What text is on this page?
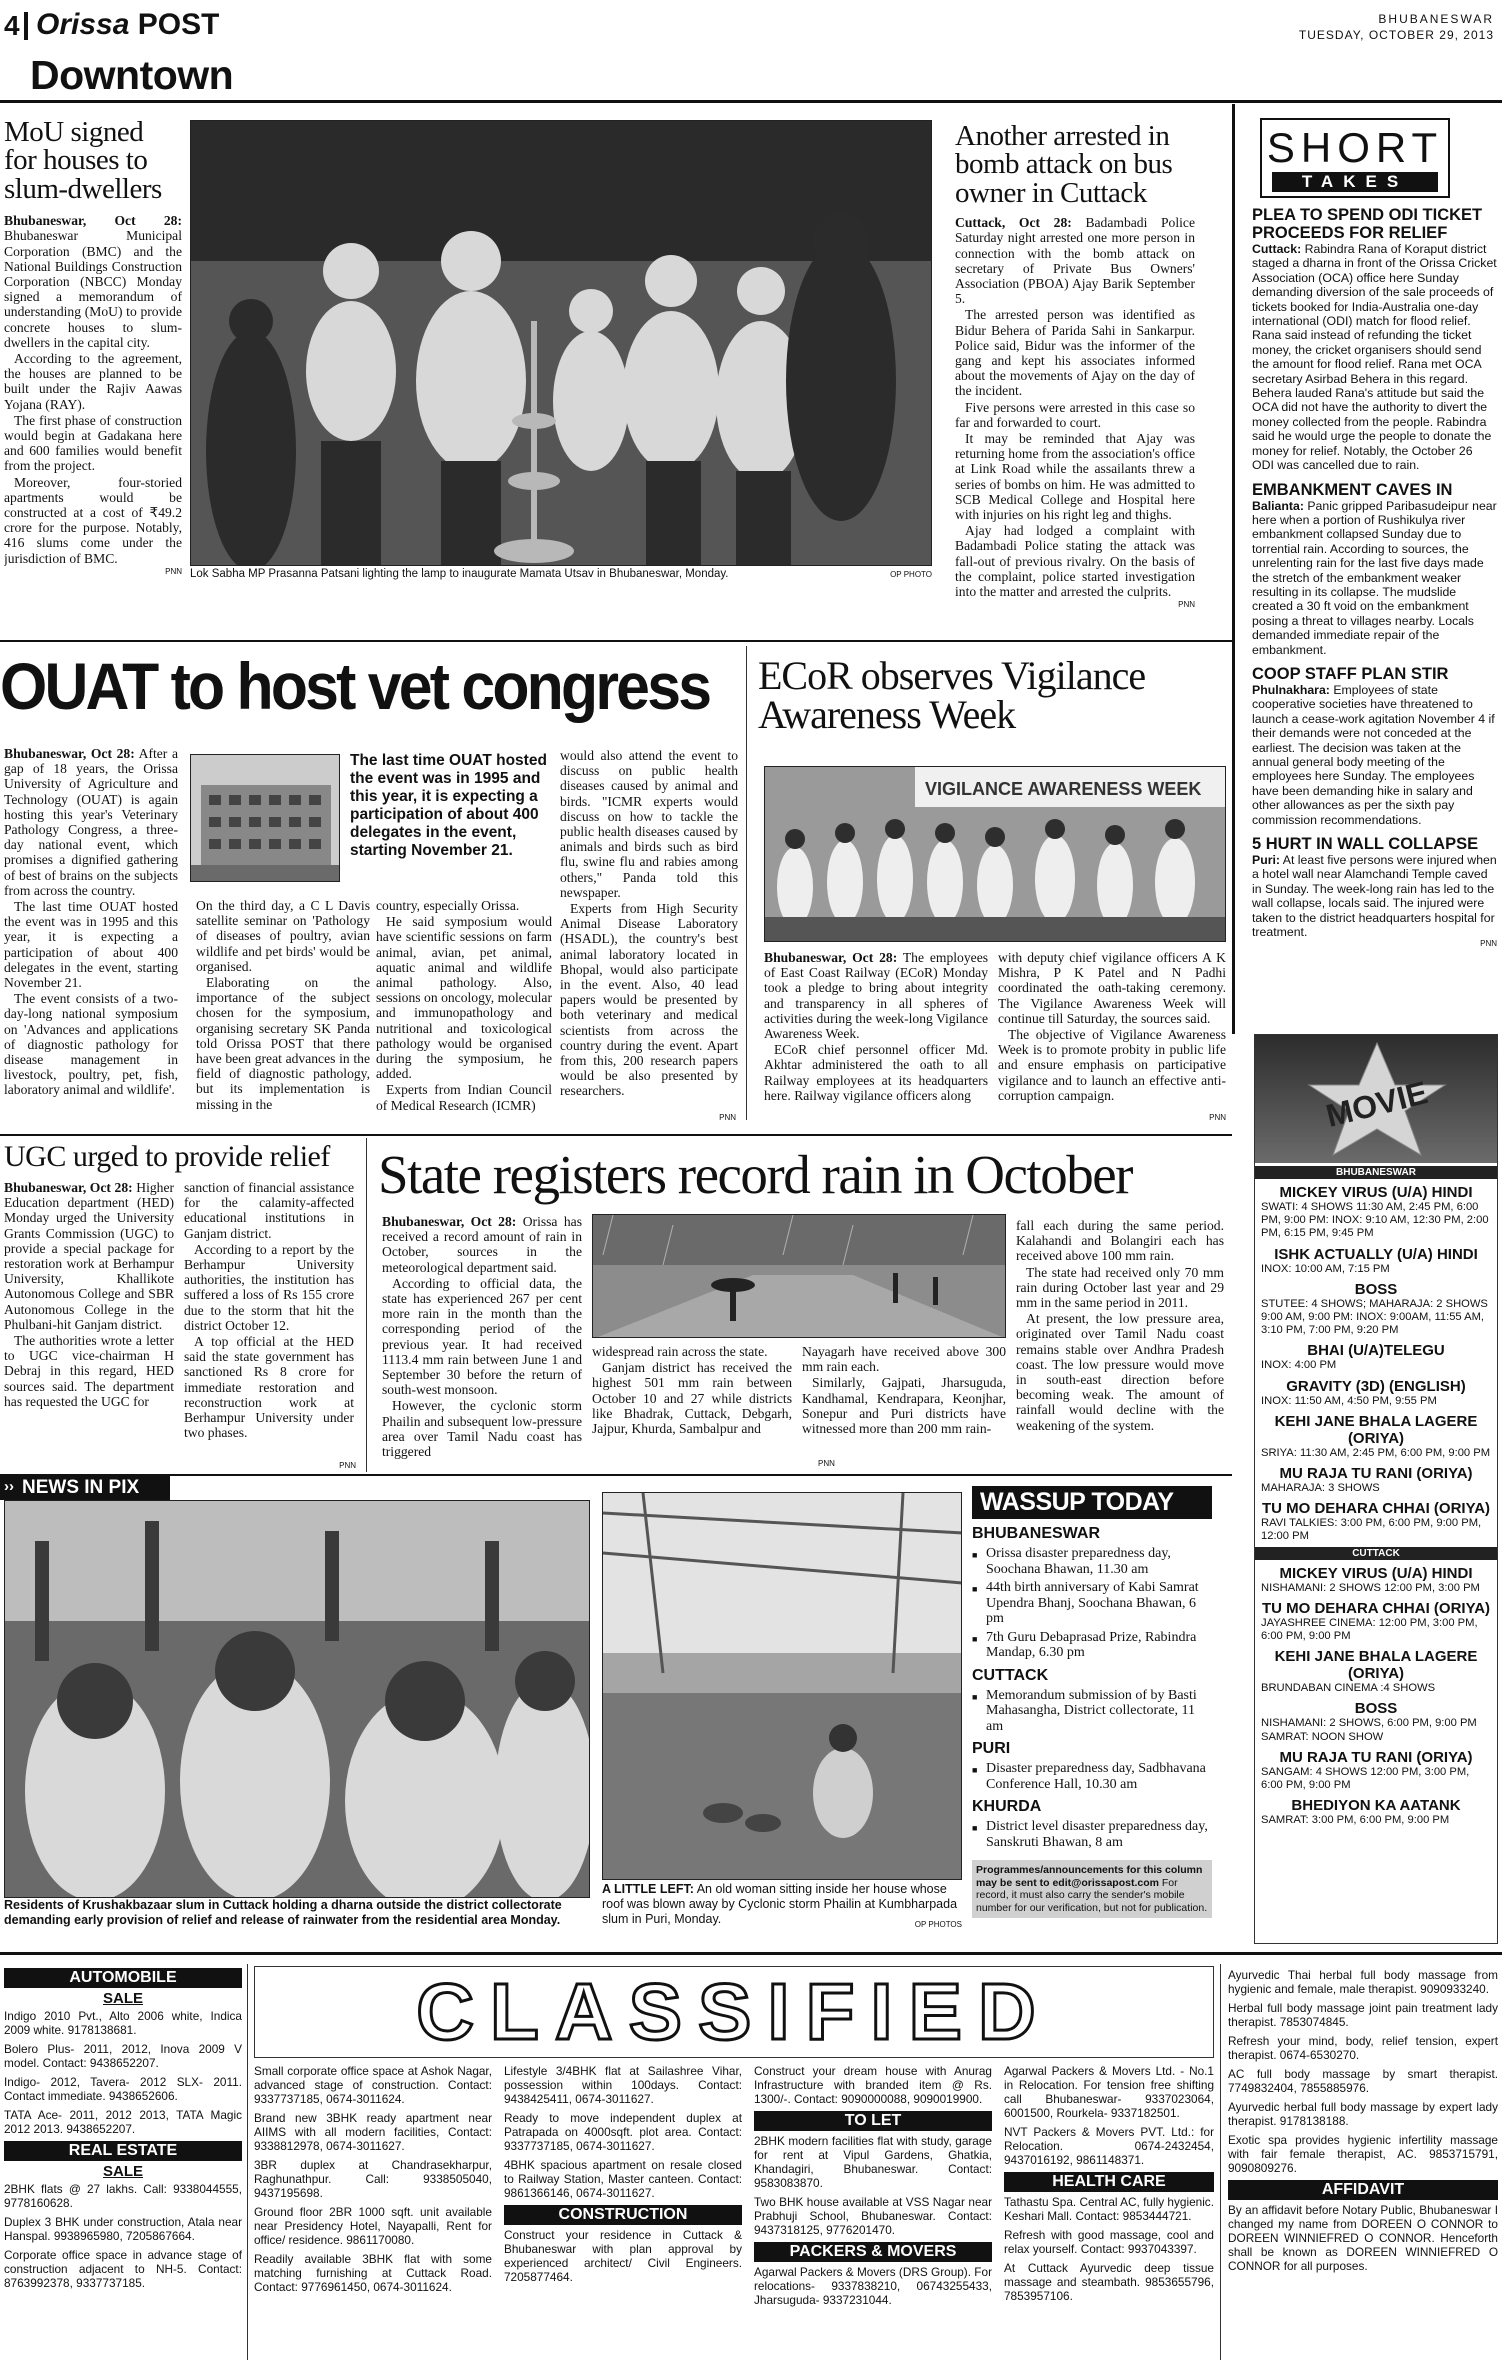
4 Orissa POST
Downtown
BHUBANESWAR
TUESDAY, OCTOBER 29, 2013
MoU signed for houses to slum-dwellers

Bhubaneswar, Oct 28: Bhubaneswar Municipal Corporation (BMC) and the National Buildings Construction Corporation (NBCC) Monday signed a memorandum of understanding (MoU) to provide concrete houses to slum-dwellers in the capital city.

According to the agreement, the houses are planned to be built under the Rajiv Aawas Yojana (RAY).

The first phase of construction would begin at Gadakana here and 600 families would benefit from the project.

Moreover, four-storied apartments would be constructed at a cost of ₹49.2 crore for the purpose. Notably, 416 slums come under the jurisdiction of BMC.

PNN Lok Sabha MP Prasanna Patsani lighting the lamp to inaugurate Mamata Utsav in Bhubaneswar, Monday.	OP PHOTO
Another arrested in bomb attack on bus owner in Cuttack

Cuttack, Oct 28: Badambadi Police Saturday night arrested one more person in connection with the bomb attack on secretary of Private Bus Owners' Association (PBOA) Ajay Barik September 5.

The arrested person was identified as Bidur Behera of Parida Sahi in Sankarpur. Police said, Bidur was the informer of the gang and kept his associates informed about the movements of Ajay on the day of the incident.

Five persons were arrested in this case so far and forwarded to court.

It may be reminded that Ajay was returning home from the association's office at Link Road while the assailants threw a series of bombs on him. He was admitted to SCB Medical College and Hospital here with injuries on his right leg and thighs.

Ajay had lodged a complaint with Badambadi Police stating the attack was fall-out of previous rivalry. On the basis of the complaint, police started investigation into the matter and arrested the culprits.

PNN
SHORT
TAKES
PLEA TO SPEND ODI TICKET PROCEEDS FOR RELIEF
Cuttack: Rabindra Rana of Koraput district staged a dharna in front of the Orissa Cricket Association (OCA) office here Sunday demanding diversion of the sale proceeds of tickets booked for India-Australia one-day international (ODI) match for flood relief. Rana said instead of refunding the ticket money, the cricket organisers should send the amount for flood relief. Rana met OCA secretary Asirbad Behera in this regard. Behera lauded Rana's attitude but said the OCA did not have the authority to divert the money collected from the people. Rabindra said he would urge the people to donate the money for relief. Notably, the October 26 ODI was cancelled due to rain.
EMBANKMENT CAVES IN
Balianta: Panic gripped Paribasudeipur near here when a portion of Rushikulya river embankment collapsed Sunday due to torrential rain. According to sources, the unrelenting rain for the last five days made the stretch of the embankment weaker resulting in its collapse. The mudslide created a 30 ft void on the embankment posing a threat to villages nearby. Locals demanded immediate repair of the embankment.
COOP STAFF PLAN STIR
Phulnakhara: Employees of state cooperative societies have threatened to launch a cease-work agitation November 4 if their demands were not conceded at the earliest. The decision was taken at the annual general body meeting of the employees here Sunday. The employees have been demanding hike in salary and other allowances as per the sixth pay commission recommendations.
5 HURT IN WALL COLLAPSE
Puri: At least five persons were injured when a hotel wall near Alamchandi Temple caved in Sunday. The week-long rain has led to the wall collapse, locals said. The injured were taken to the district headquarters hospital for treatment.
PNN
OUAT to host vet congress

Bhubaneswar, Oct 28: After a gap of 18 years, the Orissa University of Agriculture and Technology (OUAT) is again hosting this year's Veterinary Pathology Congress, a three-day national event, which promises a dignified gathering of best of brains on the subjects from across the country.

The last time OUAT hosted the event was in 1995 and this year, it is expecting a participation of about 400 delegates in the event, starting November 21.

The event consists of a two-day-long national symposium on 'Advances and applications of diagnostic pathology for disease management in livestock, poultry, pet, fish, laboratory animal and wildlife'.

The last time OUAT hosted the event was in 1995 and this year, it is expecting a participation of about 400 delegates in the event, starting November 21.

On the third day, a C L Davis satellite seminar on 'Pathology of diseases of poultry, avian wildlife and pet birds' would be organised.

Elaborating on the importance of the subject chosen for the symposium, organising secretary SK Panda told Orissa POST that there have been great advances in the field of diagnostic pathology, but its implementation is missing in the

country, especially Orissa.

He said symposium would have scientific sessions on farm animal, avian, pet animal, aquatic animal and wildlife animal pathology. Also, sessions on oncology, molecular and immunopathology and nutritional and toxicological pathology would be organised during the symposium, he added.

Experts from Indian Council of Medical Research (ICMR)

would also attend the event to discuss on public health diseases caused by animal and birds. "ICMR experts would discuss on how to tackle the public health diseases caused by animals and birds such as bird flu, swine flu and rabies among others," Panda told this newspaper.

Experts from High Security Animal Disease Laboratory (HSADL), the country's best animal laboratory located in Bhopal, would also participate in the event. Also, 40 lead papers would be presented by both veterinary and medical scientists from across the country during the event. Apart from this, 200 research papers would be also presented by researchers.

PNN
ECoR observes Vigilance Awareness Week
VIGILANCE AWARENESS WEEK

Bhubaneswar, Oct 28: The employees of East Coast Railway (ECoR) Monday took a pledge to bring about integrity and transparency in all spheres of activities during the week-long Vigilance Awareness Week.

ECoR chief personnel officer Md. Akhtar administered the oath to all Railway employees at its headquarters here. Railway vigilance officers along

with deputy chief vigilance officers A K Mishra, P K Patel and N Padhi coordinated the oath-taking ceremony. The Vigilance Awareness Week will continue till Saturday, the sources said.

The objective of Vigilance Awareness Week is to promote probity in public life and ensure emphasis on participative vigilance and to launch an effective anti-corruption campaign.

PNN
UGC urged to provide relief

Bhubaneswar, Oct 28: Higher Education department (HED) Monday urged the University Grants Commission (UGC) to provide a special package for restoration work at Berhampur University, Khallikote Autonomous College and SBR Autonomous College in the Phulbani-hit Ganjam district.

The authorities wrote a letter to UGC vice-chairman H Debraj in this regard, HED sources said. The department has requested the UGC for

sanction of financial assistance for the calamity-affected educational institutions in Ganjam district.

According to a report by the Berhampur University authorities, the institution has suffered a loss of Rs 155 crore due to the storm that hit the district October 12.

A top official at the HED said the state government has sanctioned Rs 8 crore for immediate restoration and reconstruction work at Berhampur University under two phases.

PNN
State registers record rain in October

Bhubaneswar, Oct 28: Orissa has received a record amount of rain in October, sources in the meteorological department said.

According to official data, the state has experienced 267 per cent more rain in the month than the corresponding period of the previous year. It had received 1113.4 mm rain between June 1 and September 30 before the return of south-west monsoon.

However, the cyclonic storm Phailin and subsequent low-pressure area over Tamil Nadu coast has triggered

widespread rain across the state.

Ganjam district has received the highest 501 mm rain between October 10 and 27 while districts like Bhadrak, Cuttack, Debgarh, Jajpur, Khurda, Sambalpur and

Nayagarh have received above 300 mm rain each.

Similarly, Gajpati, Jharsuguda, Kandhamal, Kendrapara, Keonjhar, Sonepur and Puri districts have witnessed more than 200 mm rain-

fall each during the same period. Kalahandi and Bolangiri each has received above 100 mm rain.

The state had received only 70 mm rain during October last year and 29 mm in the same period in 2011.

At present, the low pressure area, originated over Tamil Nadu coast remains stable over Andhra Pradesh coast. The low pressure would move in south-east direction before becoming weak. The amount of rainfall would decline with the weakening of the system.

PNN
MOVIE
BHUBANESWAR
MICKEY VIRUS (U/A) HINDI
SWATI: 4 SHOWS 11:30 AM, 2:45 PM, 6:00 PM, 9:00 PM: INOX: 9:10 AM, 12:30 PM, 2:00 PM, 6:15 PM, 9:45 PM
ISHK ACTUALLY (U/A) HINDI
INOX: 10:00 AM, 7:15 PM
BOSS
STUTEE: 4 SHOWS; MAHARAJA: 2 SHOWS 9:00 AM, 9:00 PM: INOX: 9:00AM, 11:55 AM, 3:10 PM, 7:00 PM, 9:20 PM
BHAI (U/A)TELEGU
INOX: 4:00 PM
GRAVITY (3D) (ENGLISH)
INOX: 11:50 AM, 4:50 PM, 9:55 PM
KEHI JANE BHALA LAGERE (ORIYA)
SRIYA: 11:30 AM, 2:45 PM, 6:00 PM, 9:00 PM
MU RAJA TU RANI (ORIYA)
MAHARAJA: 3 SHOWS
TU MO DEHARA CHHAI (ORIYA)
RAVI TALKIES: 3:00 PM, 6:00 PM, 9:00 PM, 12:00 PM
CUTTACK
MICKEY VIRUS (U/A) HINDI
NISHAMANI: 2 SHOWS 12:00 PM, 3:00 PM
TU MO DEHARA CHHAI (ORIYA)
JAYASHREE CINEMA: 12:00 PM, 3:00 PM, 6:00 PM, 9:00 PM
KEHI JANE BHALA LAGERE (ORIYA)
BRUNDABAN CINEMA :4 SHOWS
BOSS
NISHAMANI: 2 SHOWS, 6:00 PM, 9:00 PM SAMRAT: NOON SHOW
MU RAJA TU RANI (ORIYA)
SANGAM: 4 SHOWS 12:00 PM, 3:00 PM, 6:00 PM, 9:00 PM
BHEDIYON KA AATANK
SAMRAT: 3:00 PM, 6:00 PM, 9:00 PM
NEWS IN PIX
››
Residents of Krushakbazaar slum in Cuttack holding a dharna outside the district collectorate demanding early provision of relief and release of rainwater from the residential area Monday.
A LITTLE LEFT: An old woman sitting inside her house whose roof was blown away by Cyclonic storm Phailin at Kumbharpada slum in Puri, Monday.	OP PHOTOS
WASSUP TODAY
BHUBANESWAR
■ Orissa disaster preparedness day, Soochana Bhawan, 11.30 am
■ 44th birth anniversary of Kabi Samrat Upendra Bhanj, Soochana Bhawan, 6 pm
■ 7th Guru Debaprasad Prize, Rabindra Mandap, 6.30 pm
CUTTACK
■ Memorandum submission of by Basti Mahasangha, District collectorate, 11 am
PURI
■ Disaster preparedness day, Sadbhavana Conference Hall, 10.30 am
KHURDA
■ District level disaster preparedness day, Sanskruti Bhawan, 8 am
Programmes/announcements for this column may be sent to edit@orissapost.com For record, it must also carry the sender's mobile number for our verification, but not for publication.
AUTOMOBILE
SALE
Indigo 2010 Pvt., Alto 2006 white, Indica 2009 white. 9178138681.
Bolero Plus- 2011, 2012, Inova 2009 V model. Contact: 9438652207.
Indigo- 2012, Tavera- 2012 SLX- 2011. Contact immediate. 9438652606.
TATA Ace- 2011, 2012 2013, TATA Magic 2012 2013. 9438652207.
REAL ESTATE
SALE
2BHK flats @ 27 lakhs. Call: 9338044555, 9778160628.
Duplex 3 BHK under construction, Atala near Hanspal. 9938965980, 7205867664.
Corporate office space in advance stage of construction adjacent to NH-5. Contact: 8763992378, 9337737185.
CLASSIFIED
Small corporate office space at Ashok Nagar, advanced stage of construction. Contact: 9337737185, 0674-3011624.
Brand new 3BHK ready apartment near AIIMS with all modern facilities, Contact: 9338812978, 0674-3011627.
3BR duplex at Chandrasekharpur, Raghunathpur. Call: 9338505040, 9437195698.
Ground floor 2BR 1000 sqft. unit available near Presidency Hotel, Nayapalli, Rent for office/ residence. 9861170080.
Readily available 3BHK flat with some matching furnishing at Cuttack Road. Contact: 9776961450, 0674-3011624.
Lifestyle 3/4BHK flat at Sailashree Vihar, possession within 100days. Contact: 9438425411, 0674-3011627.
Ready to move independent duplex at Patrapada on 4000sqft. plot area. Contact: 9337737185, 0674-3011627.
4BHK spacious apartment on resale closed to Railway Station, Master canteen. Contact: 9861366146, 0674-3011627.
CONSTRUCTION
Construct your residence in Cuttack & Bhubaneswar with plan approval by experienced architect/ Civil Engineers. 7205877464.
Construct your dream house with Anurag Infrastructure with branded item @ Rs. 1300/-. Contact: 9090000088, 9090019900.
TO LET
2BHK modern facilities flat with study, garage for rent at Vipul Gardens, Ghatkia, Khandagiri, Bhubaneswar. Contact: 9583083870.
Two BHK house available at VSS Nagar near Prabhuji School, Bhubaneswar. Contact: 9437318125, 9776201470.
PACKERS & MOVERS
Agarwal Packers & Movers (DRS Group). For relocations- 9337838210, 06743255433, Jharsuguda- 9337231044.
Agarwal Packers & Movers Ltd. - No.1 in Relocation. For tension free shifting call Bhubaneswar- 9337023064, 6001500, Rourkela- 9337182501.
NVT Packers & Movers PVT. Ltd.: for Relocation. 0674-2432454, 9437016192, 9861148371.
HEALTH CARE
Tathastu Spa. Central AC, fully hygienic. Keshari Mall. Contact: 9853444721.
Refresh with good massage, cool and relax yourself. Contact: 9937043397.
At Cuttack Ayurvedic deep tissue massage and steambath. 9853655796, 7853957106.
Ayurvedic Thai herbal full body massage from hygienic and female, male therapist. 9090933240.
Herbal full body massage joint pain treatment lady therapist. 7853074845.
Refresh your mind, body, relief tension, expert therapist. 0674-6530270.
AC full body massage by smart therapist. 7749832404, 7855885976.
Ayurvedic herbal full body massage by expert lady therapist. 9178138188.
Exotic spa provides hygienic infertility massage with fair female therapist, AC. 9853715791, 9090809276.
AFFIDAVIT
By an affidavit before Notary Public, Bhubaneswar I changed my name from DOREEN O CONNOR to DOREEN WINNIEFRED O CONNOR. Henceforth shall be known as DOREEN WINNIEFRED O CONNOR for all purposes.
